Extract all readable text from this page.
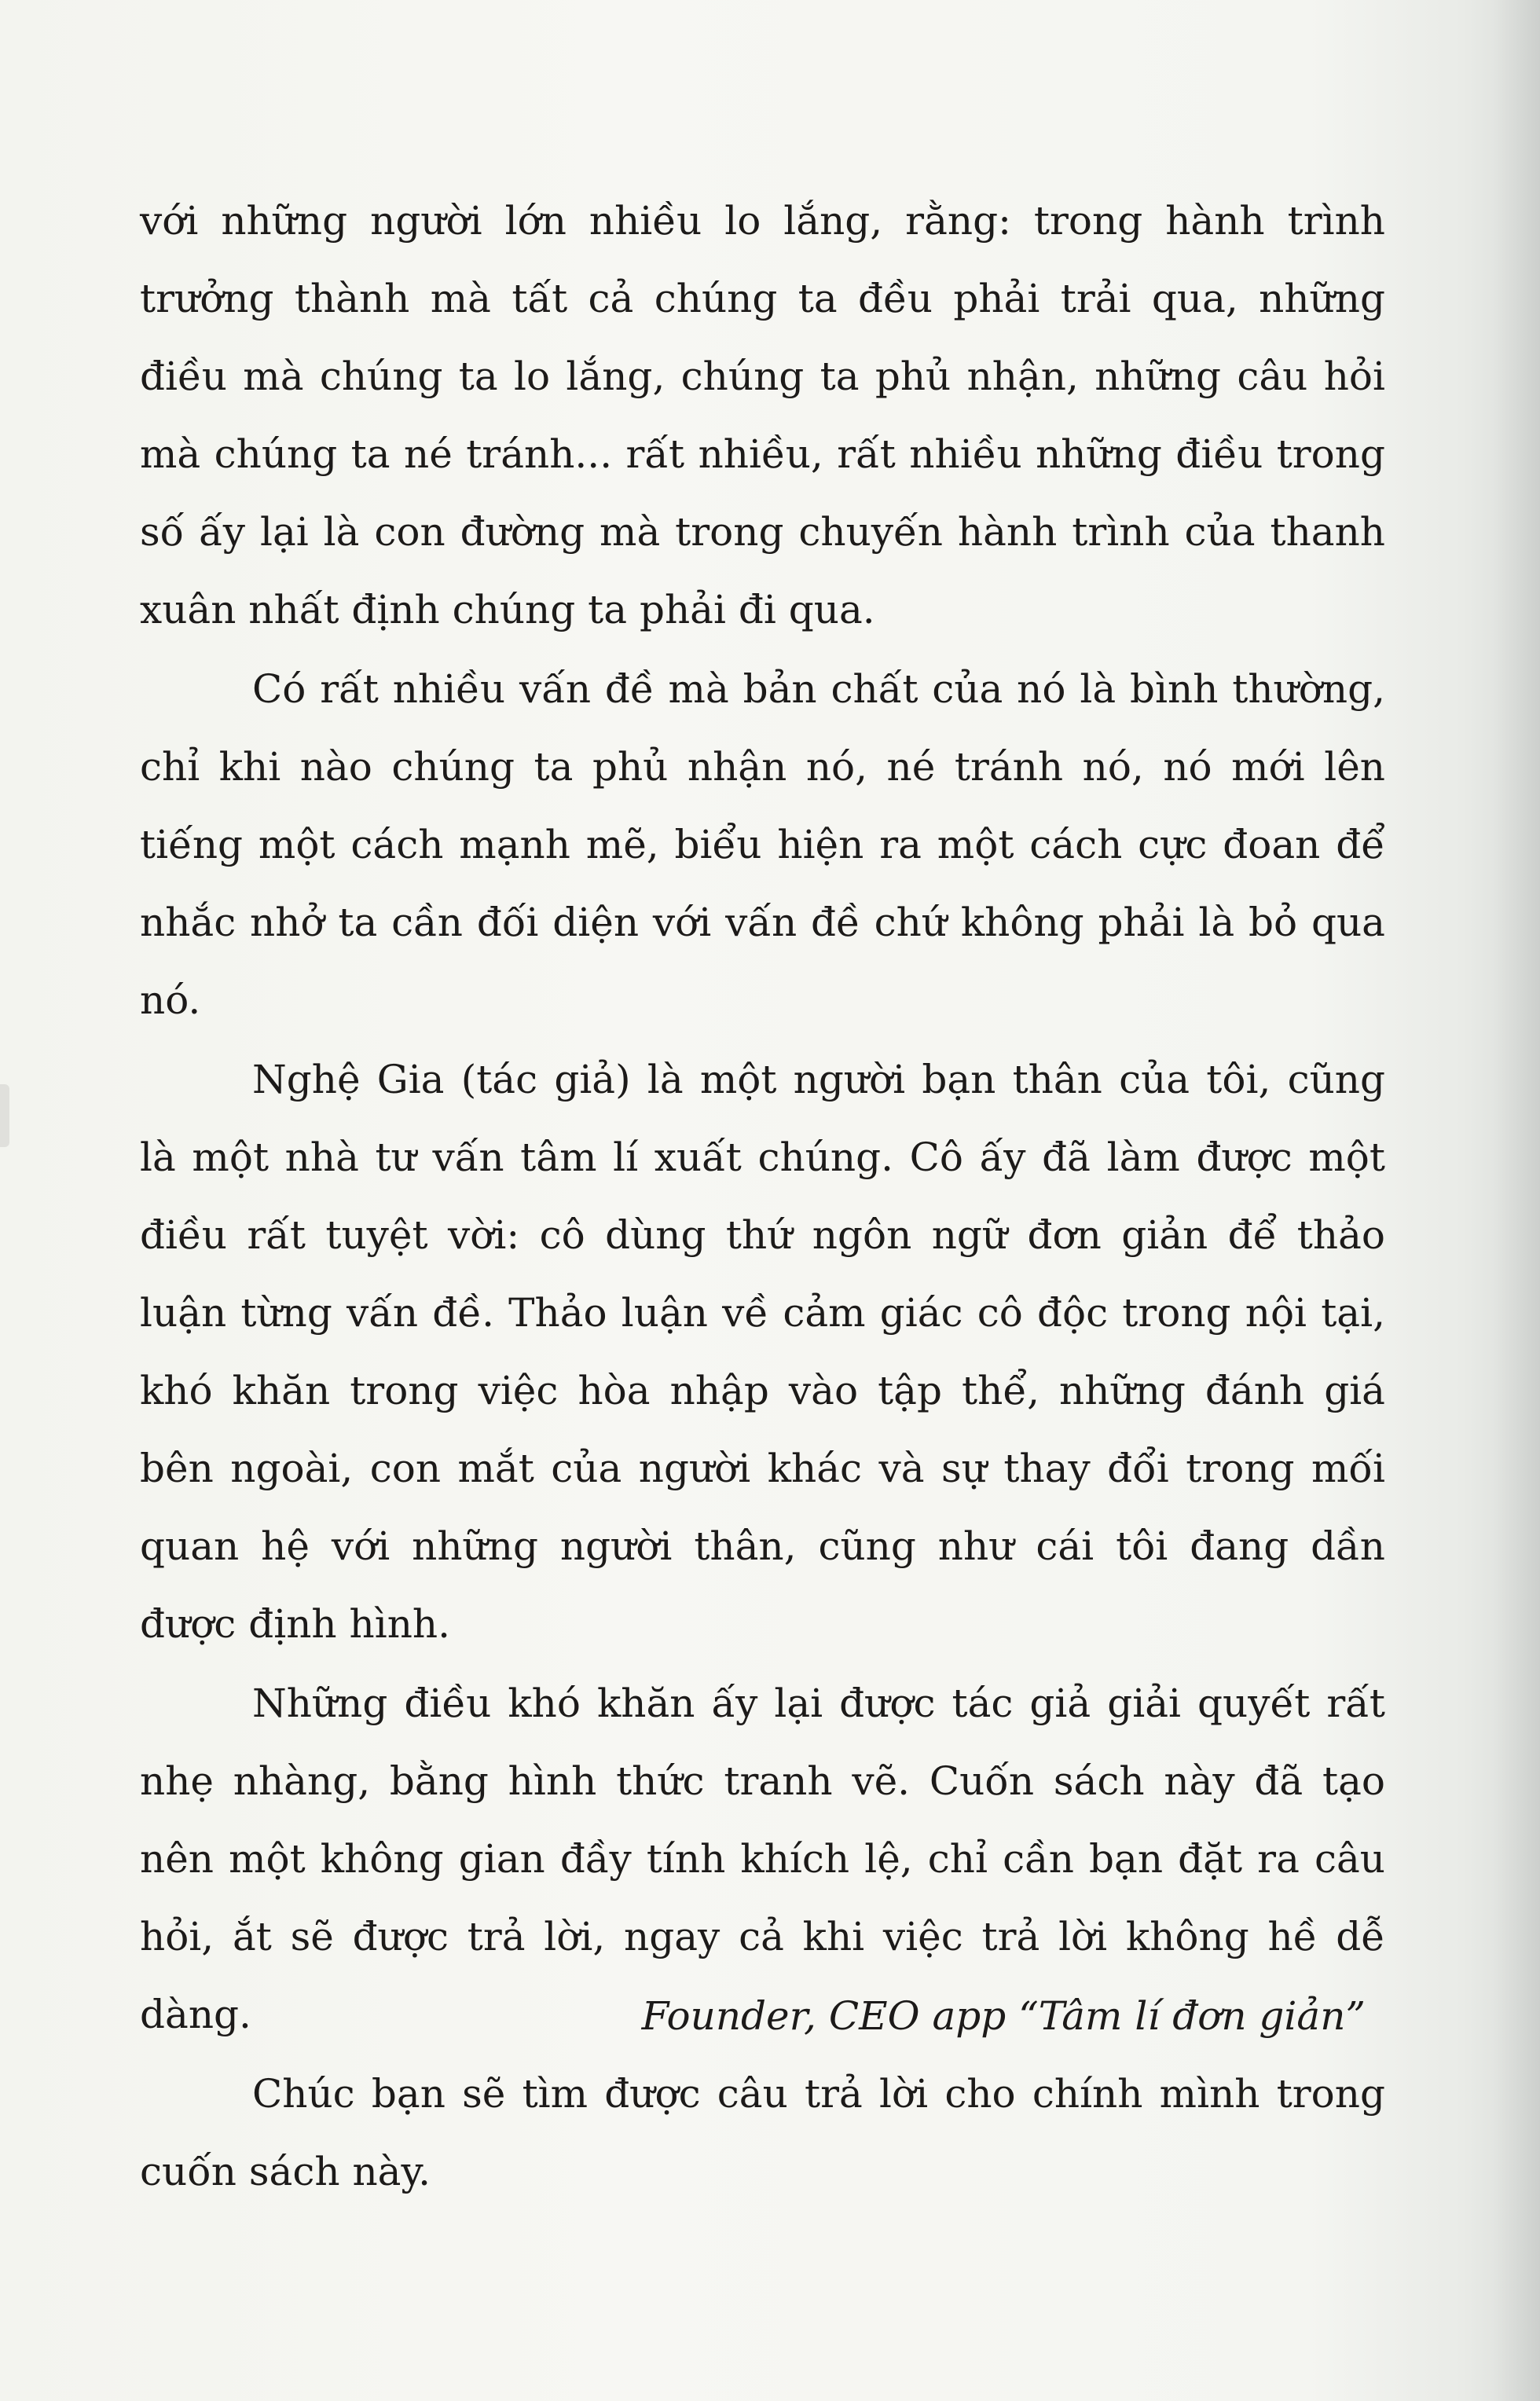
với những người lớn nhiều lo lắng, rằng: trong hành trình trưởng thành mà tất cả chúng ta đều phải trải qua, những điều mà chúng ta lo lắng, chúng ta phủ nhận, những câu hỏi mà chúng ta né tránh... rất nhiều, rất nhiều những điều trong số ấy lại là con đường mà trong chuyến hành trình của thanh xuân nhất định chúng ta phải đi qua.

Có rất nhiều vấn đề mà bản chất của nó là bình thường, chỉ khi nào chúng ta phủ nhận nó, né tránh nó, nó mới lên tiếng một cách mạnh mẽ, biểu hiện ra một cách cực đoan để nhắc nhở ta cần đối diện với vấn đề chứ không phải là bỏ qua nó.

Nghệ Gia (tác giả) là một người bạn thân của tôi, cũng là một nhà tư vấn tâm lí xuất chúng. Cô ấy đã làm được một điều rất tuyệt vời: cô dùng thứ ngôn ngữ đơn giản để thảo luận từng vấn đề. Thảo luận về cảm giác cô độc trong nội tại, khó khăn trong việc hòa nhập vào tập thể, những đánh giá bên ngoài, con mắt của người khác và sự thay đổi trong mối quan hệ với những người thân, cũng như cái tôi đang dần được định hình.

Những điều khó khăn ấy lại được tác giả giải quyết rất nhẹ nhàng, bằng hình thức tranh vẽ. Cuốn sách này đã tạo nên một không gian đầy tính khích lệ, chỉ cần bạn đặt ra câu hỏi, ắt sẽ được trả lời, ngay cả khi việc trả lời không hề dễ dàng.

Chúc bạn sẽ tìm được câu trả lời cho chính mình trong cuốn sách này.

Founder, CEO app “Tâm lí đơn giản”
